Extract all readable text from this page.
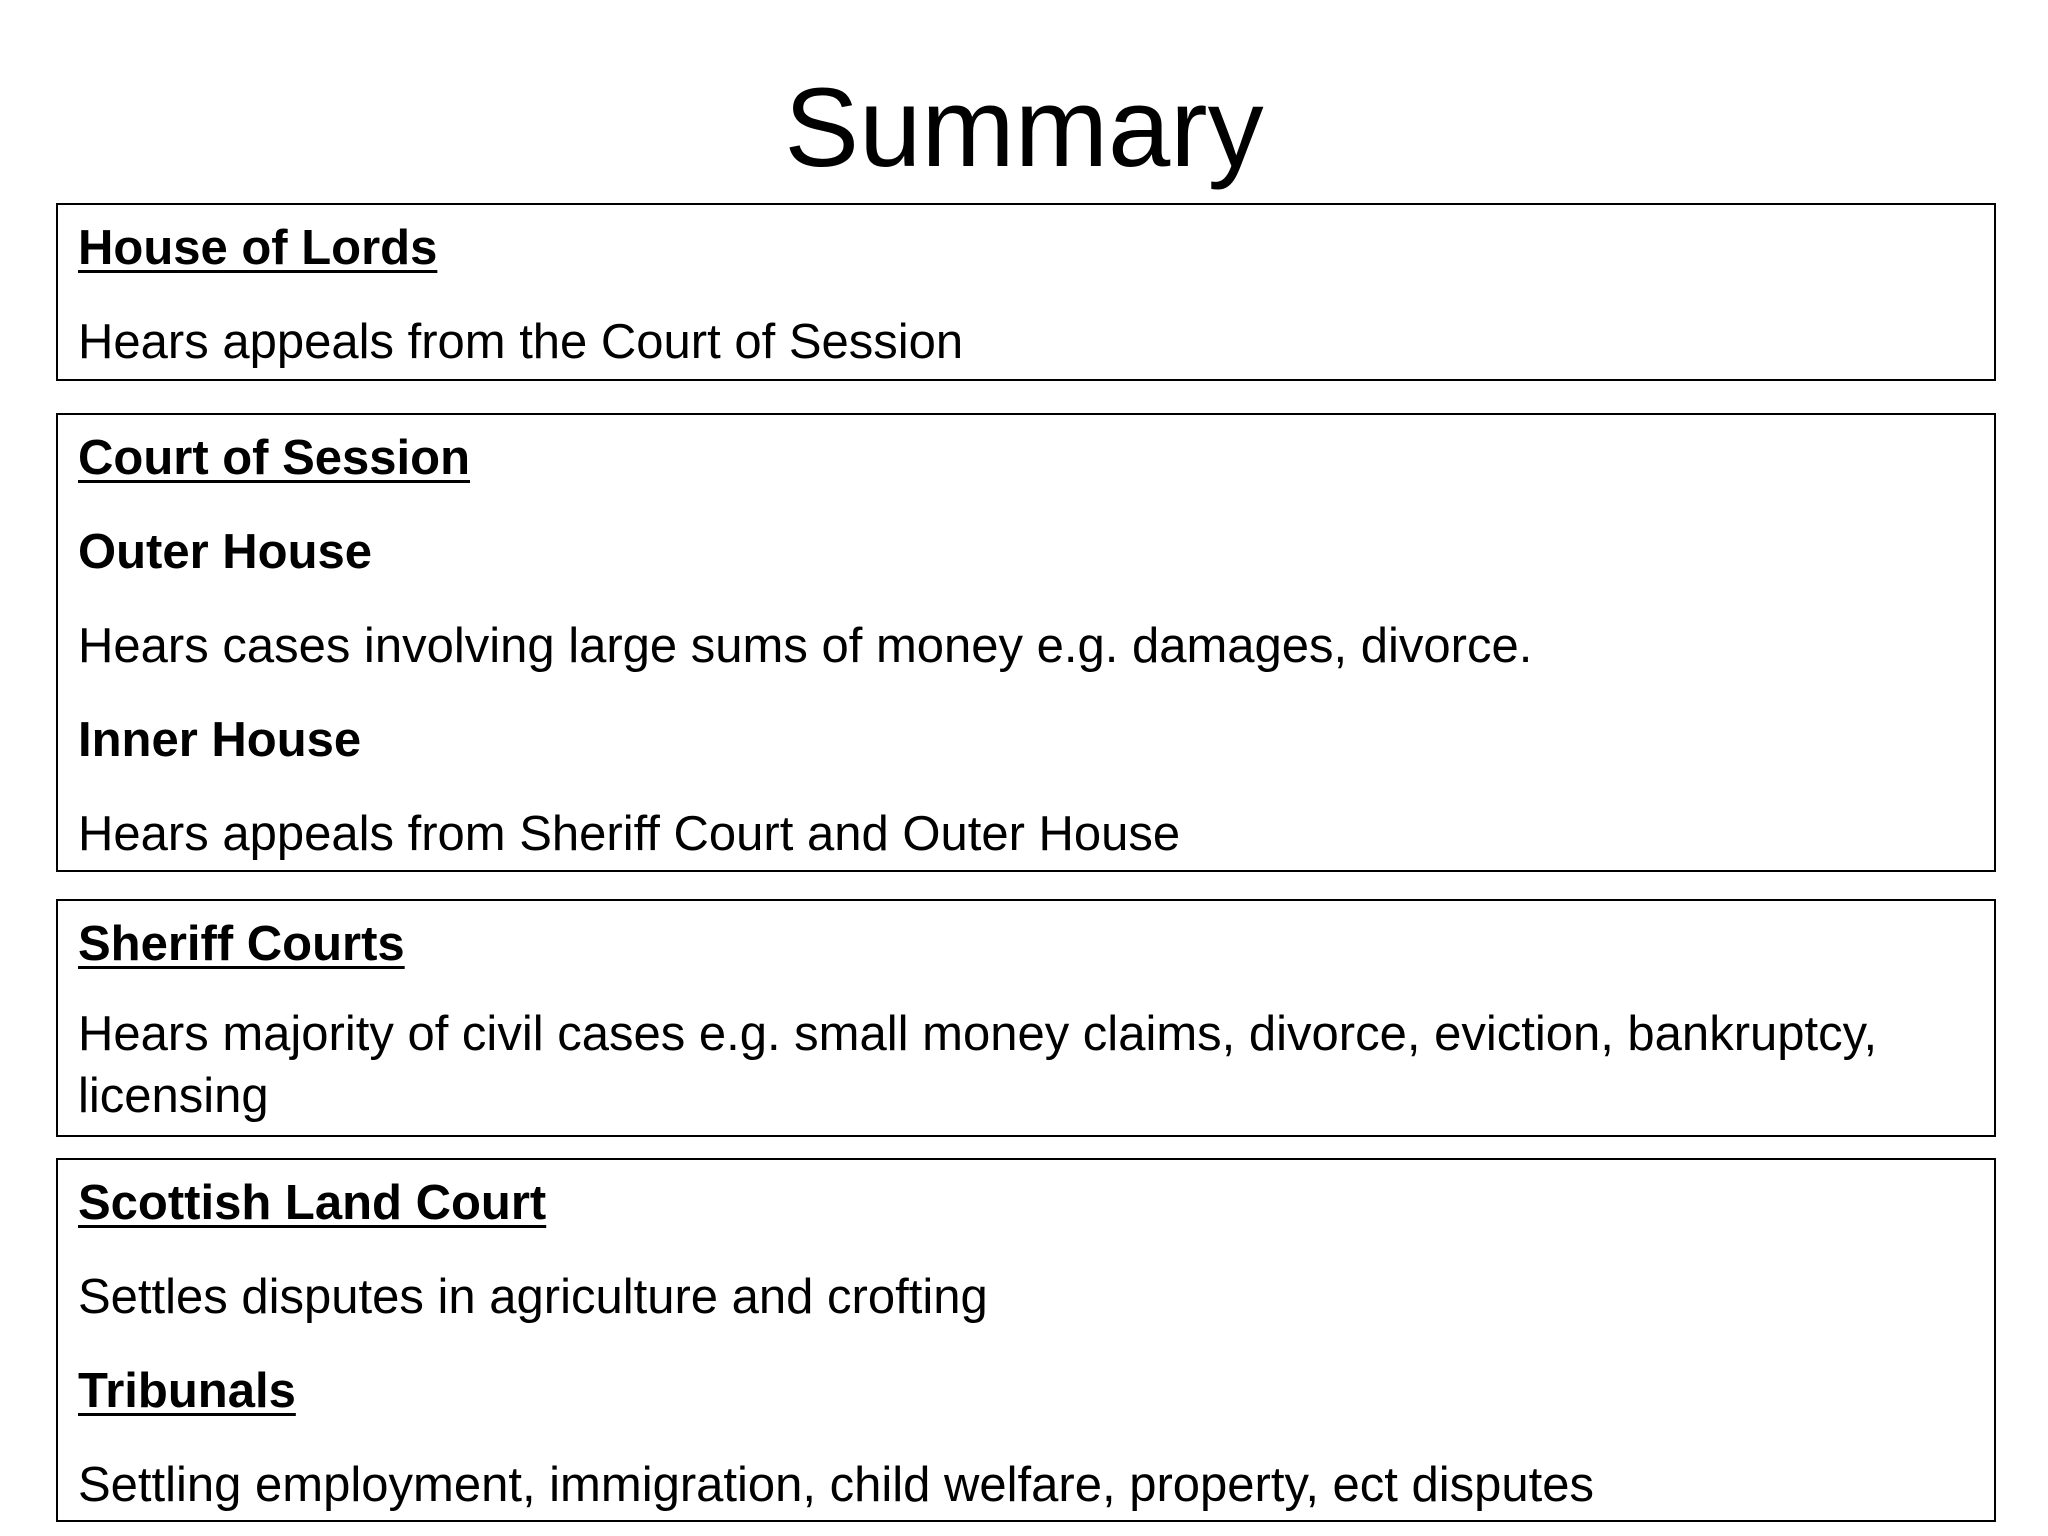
Summary

House of Lords

Hears appeals from the Court of Session

Court of Session

Outer House

Hears cases involving large sums of money e.g. damages, divorce.

Inner House

Hears appeals from Sheriff Court and Outer House

Sheriff Courts

Hears majority of civil cases e.g. small money claims, divorce, eviction, bankruptcy, licensing

Scottish Land Court

Settles disputes in agriculture and crofting

Tribunals

Settling employment, immigration, child welfare, property, ect disputes
